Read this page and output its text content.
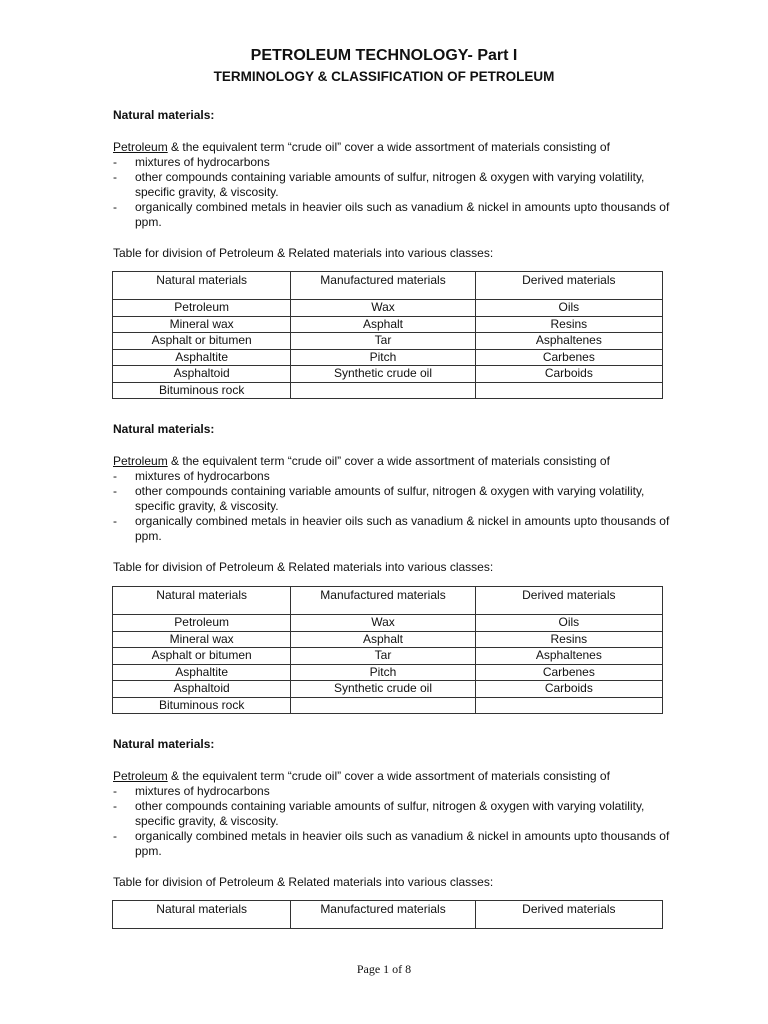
PETROLEUM TECHNOLOGY- Part I
TERMINOLOGY & CLASSIFICATION OF PETROLEUM
Natural materials:
Petroleum & the equivalent term “crude oil” cover a wide assortment of materials consisting of
- mixtures of hydrocarbons
- other compounds containing variable amounts of sulfur, nitrogen & oxygen with varying volatility, specific gravity, & viscosity.
- organically combined metals in heavier oils such as vanadium & nickel in amounts upto thousands of ppm.
Table for division of Petroleum & Related materials into various classes:
Natural materials	Manufactured materials	Derived materials
Petroleum	Wax	Oils
Mineral wax	Asphalt	Resins
Asphalt or bitumen	Tar	Asphaltenes
Asphaltite	Pitch	Carbenes
Asphaltoid	Synthetic crude oil	Carboids
Bituminous rock		
Natural materials:
Petroleum & the equivalent term “crude oil” cover a wide assortment of materials consisting of
- mixtures of hydrocarbons
- other compounds containing variable amounts of sulfur, nitrogen & oxygen with varying volatility, specific gravity, & viscosity.
- organically combined metals in heavier oils such as vanadium & nickel in amounts upto thousands of ppm.
Table for division of Petroleum & Related materials into various classes:
Natural materials	Manufactured materials	Derived materials
Petroleum	Wax	Oils
Mineral wax	Asphalt	Resins
Asphalt or bitumen	Tar	Asphaltenes
Asphaltite	Pitch	Carbenes
Asphaltoid	Synthetic crude oil	Carboids
Bituminous rock		
Natural materials:
Petroleum & the equivalent term “crude oil” cover a wide assortment of materials consisting of
- mixtures of hydrocarbons
- other compounds containing variable amounts of sulfur, nitrogen & oxygen with varying volatility, specific gravity, & viscosity.
- organically combined metals in heavier oils such as vanadium & nickel in amounts upto thousands of ppm.
Table for division of Petroleum & Related materials into various classes:
Natural materials	Manufactured materials	Derived materials
Page 1 of 8
